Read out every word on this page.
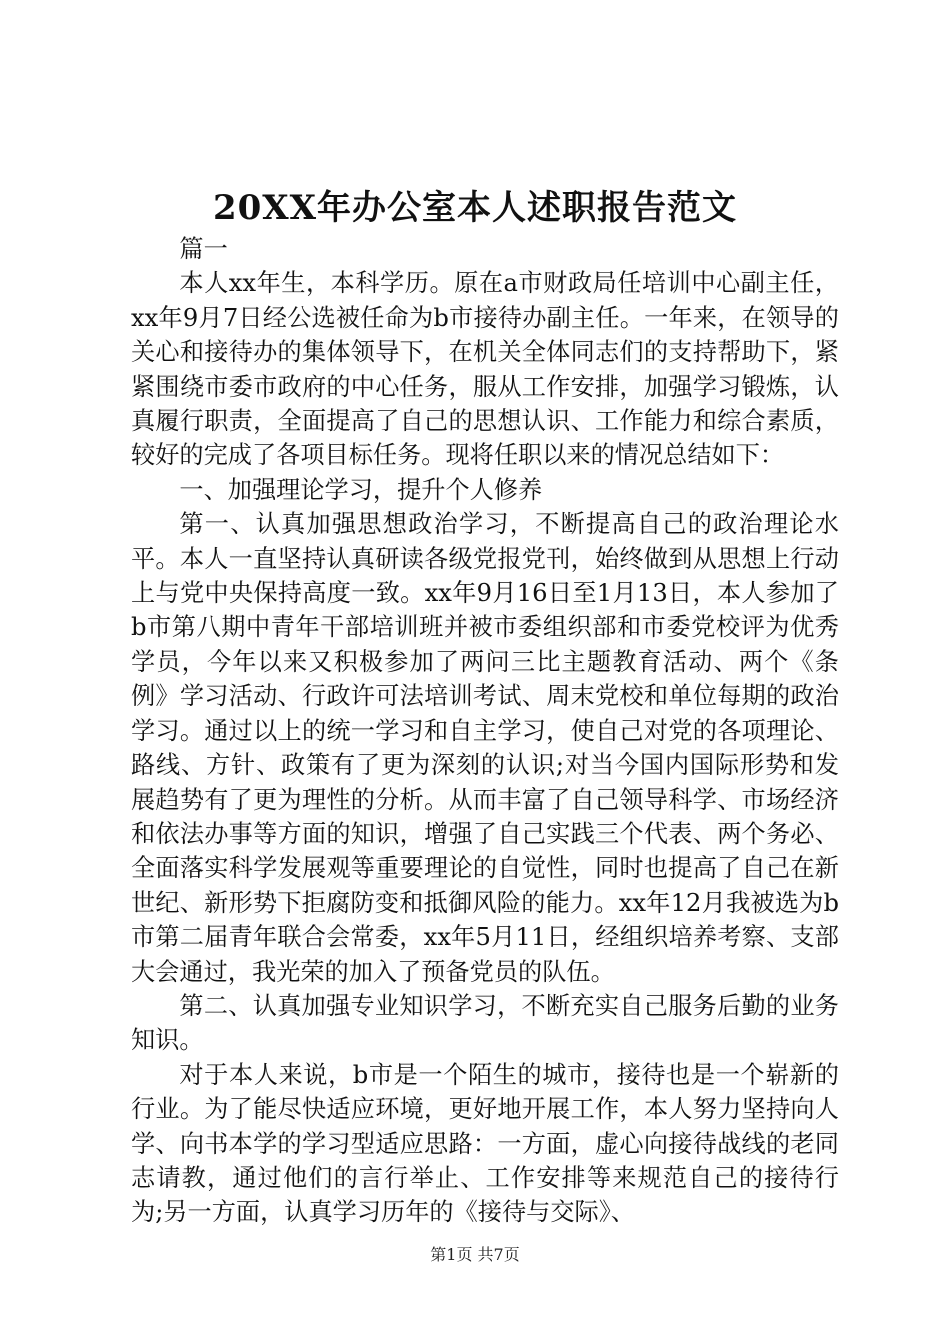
20XX年办公室本人述职报告范文

篇一

本人xx年生，本科学历。原在a市财政局任培训中心副主任，xx年9月7日经公选被任命为b市接待办副主任。一年来，在领导的关心和接待办的集体领导下，在机关全体同志们的支持帮助下，紧紧围绕市委市政府的中心任务，服从工作安排，加强学习锻炼，认真履行职责，全面提高了自己的思想认识、工作能力和综合素质，较好的完成了各项目标任务。现将任职以来的情况总结如下：

一、加强理论学习，提升个人修养

第一、认真加强思想政治学习，不断提高自己的政治理论水平。本人一直坚持认真研读各级党报党刊，始终做到从思想上行动上与党中央保持高度一致。xx年9月16日至1月13日，本人参加了b市第八期中青年干部培训班并被市委组织部和市委党校评为优秀学员，今年以来又积极参加了两问三比主题教育活动、两个《条例》学习活动、行政许可法培训考试、周末党校和单位每期的政治学习。通过以上的统一学习和自主学习，使自己对党的各项理论、路线、方针、政策有了更为深刻的认识;对当今国内国际形势和发展趋势有了更为理性的分析。从而丰富了自己领导科学、市场经济和依法办事等方面的知识，增强了自己实践三个代表、两个务必、全面落实科学发展观等重要理论的自觉性，同时也提高了自己在新世纪、新形势下拒腐防变和抵御风险的能力。xx年12月我被选为b市第二届青年联合会常委，xx年5月11日，经组织培养考察、支部大会通过，我光荣的加入了预备党员的队伍。

第二、认真加强专业知识学习，不断充实自己服务后勤的业务知识。

对于本人来说，b市是一个陌生的城市，接待也是一个崭新的行业。为了能尽快适应环境，更好地开展工作，本人努力坚持向人学、向书本学的学习型适应思路：一方面，虚心向接待战线的老同志请教，通过他们的言行举止、工作安排等来规范自己的接待行为;另一方面，认真学习历年的《接待与交际》、

第1页 共7页
